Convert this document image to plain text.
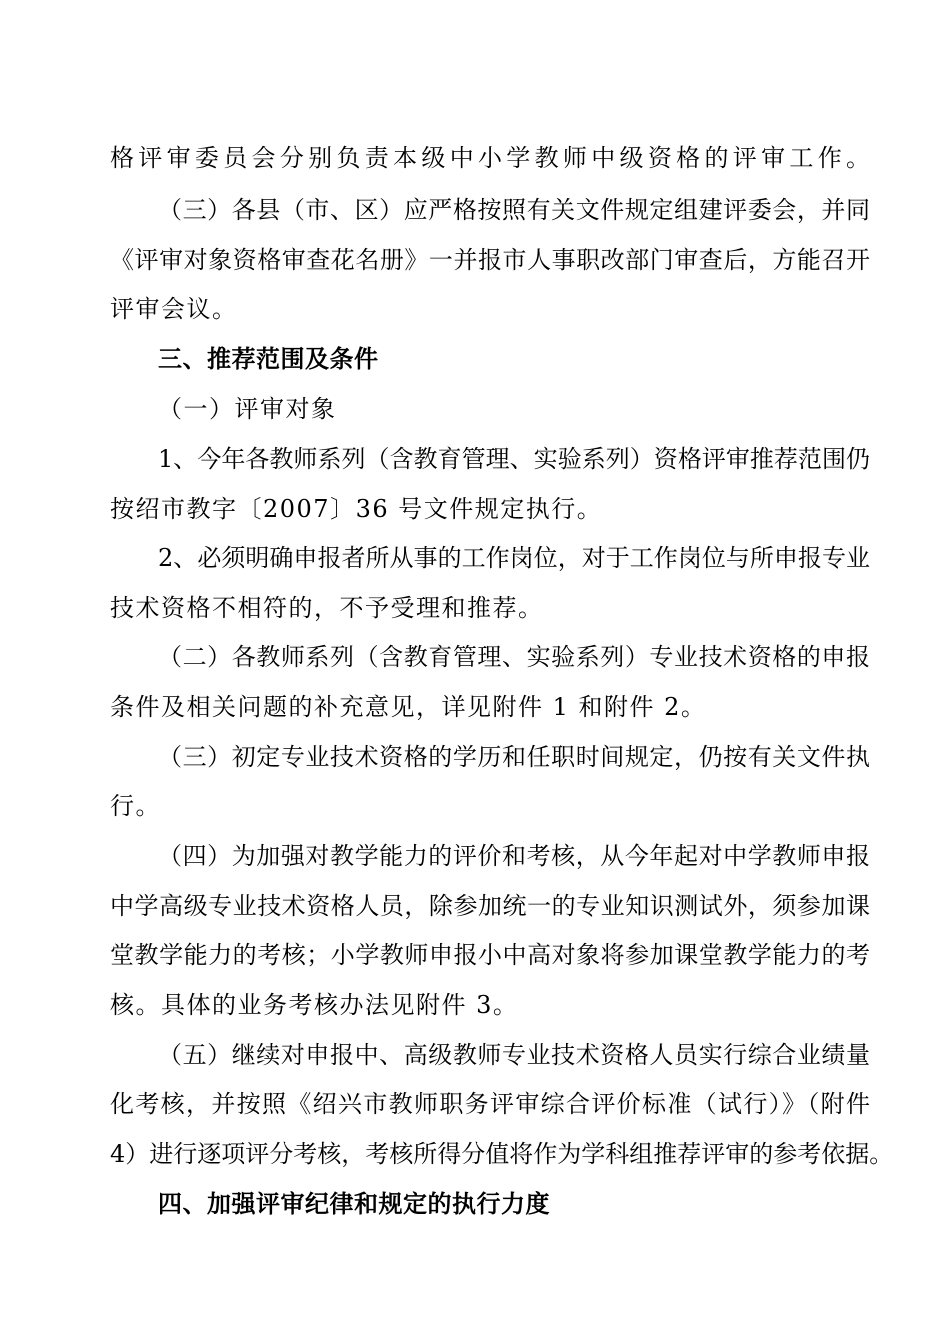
格评审委员会分别负责本级中小学教师中级资格的评审工作。
（三）各县（市、区）应严格按照有关文件规定组建评委会，并同
《评审对象资格审查花名册》一并报市人事职改部门审查后，方能召开
评审会议。
三、推荐范围及条件
（一）评审对象
1、今年各教师系列（含教育管理、实验系列）资格评审推荐范围仍
按绍市教字〔2007〕36 号文件规定执行。
2、必须明确申报者所从事的工作岗位，对于工作岗位与所申报专业
技术资格不相符的，不予受理和推荐。
（二）各教师系列（含教育管理、实验系列）专业技术资格的申报
条件及相关问题的补充意见，详见附件 1 和附件 2。
（三）初定专业技术资格的学历和任职时间规定，仍按有关文件执
行。
（四）为加强对教学能力的评价和考核，从今年起对中学教师申报
中学高级专业技术资格人员，除参加统一的专业知识测试外，须参加课
堂教学能力的考核；小学教师申报小中高对象将参加课堂教学能力的考
核。具体的业务考核办法见附件 3。
（五）继续对申报中、高级教师专业技术资格人员实行综合业绩量
化考核，并按照《绍兴市教师职务评审综合评价标准（试行）》（附件
4）进行逐项评分考核，考核所得分值将作为学科组推荐评审的参考依据。
四、加强评审纪律和规定的执行力度
